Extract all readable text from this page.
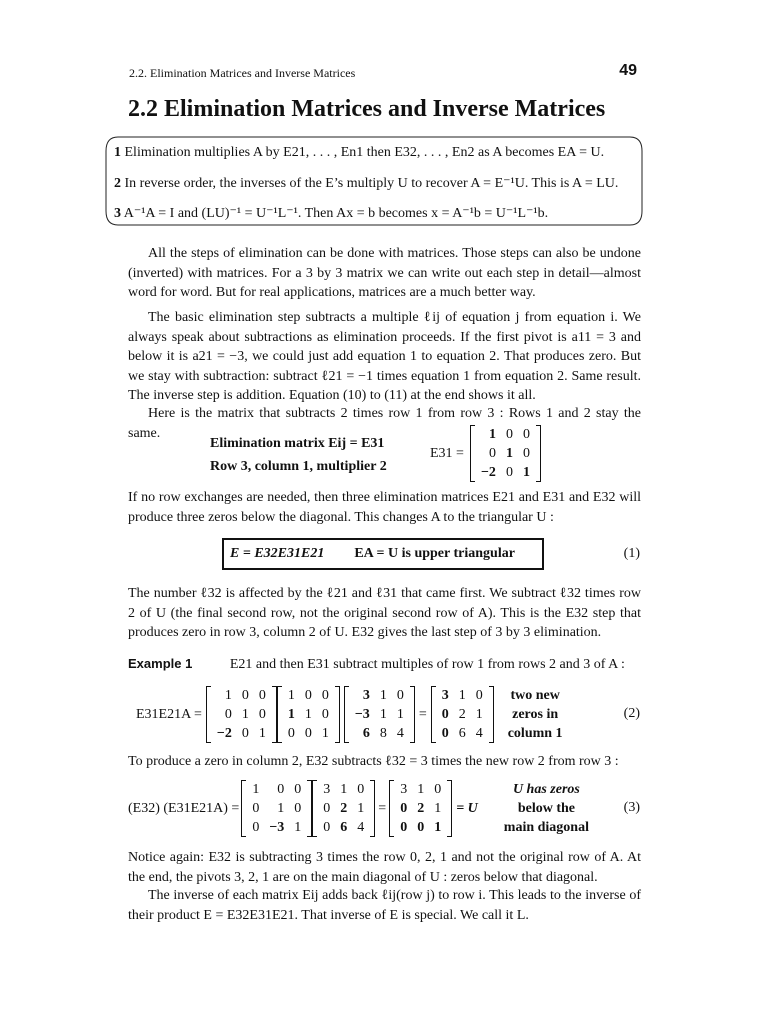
2.2. Elimination Matrices and Inverse Matrices	49
2.2 Elimination Matrices and Inverse Matrices
1 Elimination multiplies A by E21, . . . , En1 then E32, . . . , En2 as A becomes EA = U.
2 In reverse order, the inverses of the E’s multiply U to recover A = E⁻¹U. This is A = LU.
3 A⁻¹A = I and (LU)⁻¹ = U⁻¹L⁻¹. Then Ax = b becomes x = A⁻¹b = U⁻¹L⁻¹b.
All the steps of elimination can be done with matrices. Those steps can also be undone (inverted) with matrices. For a 3 by 3 matrix we can write out each step in detail—almost word for word. But for real applications, matrices are a much better way.
The basic elimination step subtracts a multiple ℓij of equation j from equation i. We always speak about subtractions as elimination proceeds. If the first pivot is a11 = 3 and below it is a21 = −3, we could just add equation 1 to equation 2. That produces zero. But we stay with subtraction: subtract ℓ21 = −1 times equation 1 from equation 2. Same result. The inverse step is addition. Equation (10) to (11) at the end shows it all.
Here is the matrix that subtracts 2 times row 1 from row 3 : Rows 1 and 2 stay the same.
Elimination matrix Eij = E31
Row 3, column 1, multiplier 2
E31 =
1 0 0
0 1 0
−2 0 1
If no row exchanges are needed, then three elimination matrices E21 and E31 and E32 will produce three zeros below the diagonal. This changes A to the triangular U :
E = E32E31E21 EA = U is upper triangular	(1)
The number ℓ32 is affected by the ℓ21 and ℓ31 that came first. We subtract ℓ32 times row 2 of U (the final second row, not the original second row of A). This is the E32 step that produces zero in row 3, column 2 of U. E32 gives the last step of 3 by 3 elimination.
Example 1	E21 and then E31 subtract multiples of row 1 from rows 2 and 3 of A :
E31E21A =
1 0 0
0 1 0
−2 0 1
1 0 0
1 1 0
0 0 1
3 1 0
−3 1 1
6 8 4
=
3 1 0
0 2 1
0 6 4
two new
zeros in
column 1
(2)
To produce a zero in column 2, E32 subtracts ℓ32 = 3 times the new row 2 from row 3 :
(E32) (E31E21A) =
1	0 0
0	1 0
0 −3 1
3 1 0
0 2 1
0 6 4
=
3 1 0
0 2 1
0 0 1
= U
U has zeros
below the
main diagonal
(3)
Notice again: E32 is subtracting 3 times the row 0, 2, 1 and not the original row of A. At the end, the pivots 3, 2, 1 are on the main diagonal of U : zeros below that diagonal.
The inverse of each matrix Eij adds back ℓij(row j) to row i. This leads to the inverse of their product E = E32E31E21. That inverse of E is special. We call it L.
